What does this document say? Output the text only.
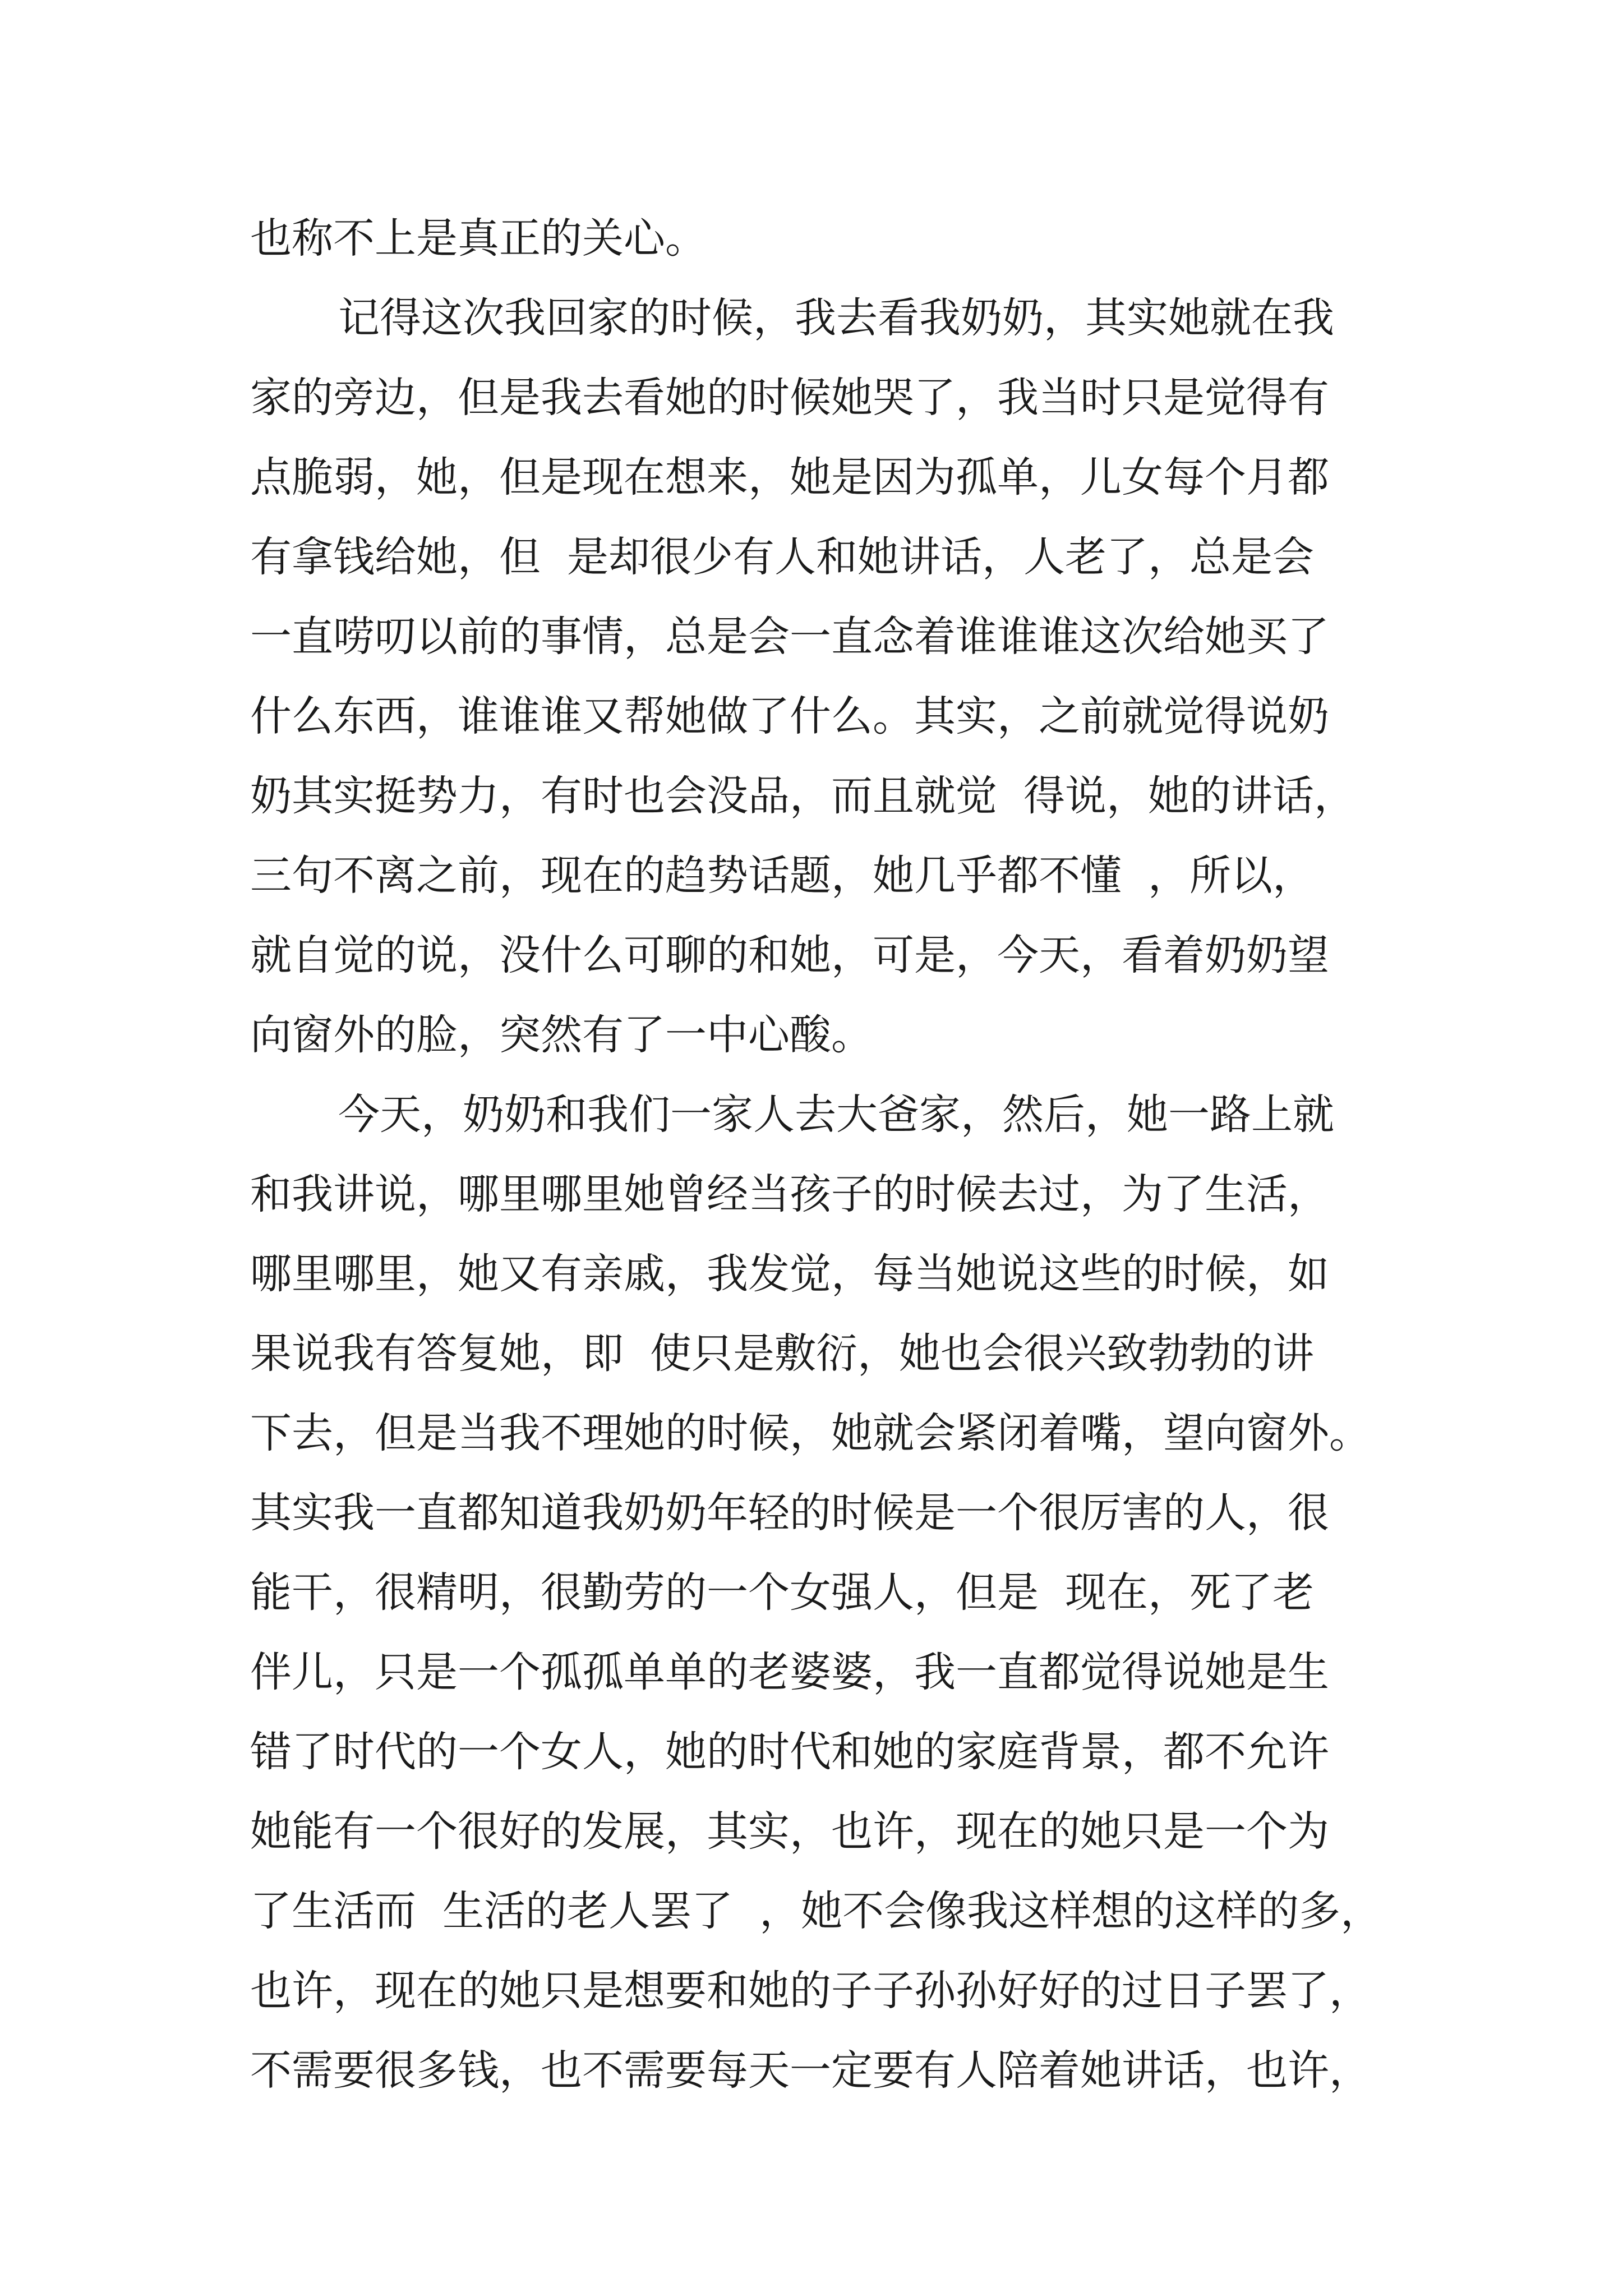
也称不上是真正的关心。

记得这次我回家的时候，我去看我奶奶，其实她就在我

家的旁边，但是我去看她的时候她哭了，我当时只是觉得有

点脆弱，她，但是现在想来，她是因为孤单，儿女每个月都

有拿钱给她，但  是却很少有人和她讲话，人老了，总是会

一直唠叨以前的事情，总是会一直念着谁谁谁这次给她买了

什么东西，谁谁谁又帮她做了什么。其实，之前就觉得说奶

奶其实挺势力，有时也会没品，而且就觉  得说，她的讲话，

三句不离之前，现在的趋势话题，她几乎都不懂  ，所以，

就自觉的说，没什么可聊的和她，可是，今天，看着奶奶望

向窗外的脸，突然有了一中心酸。

今天，奶奶和我们一家人去大爸家，然后，她一路上就

和我讲说，哪里哪里她曾经当孩子的时候去过，为了生活，

哪里哪里，她又有亲戚，我发觉，每当她说这些的时候，如

果说我有答复她，即  使只是敷衍，她也会很兴致勃勃的讲

下去，但是当我不理她的时候，她就会紧闭着嘴，望向窗外。

其实我一直都知道我奶奶年轻的时候是一个很厉害的人，很

能干，很精明，很勤劳的一个女强人，但是  现在，死了老

伴儿，只是一个孤孤单单的老婆婆，我一直都觉得说她是生

错了时代的一个女人，她的时代和她的家庭背景，都不允许

她能有一个很好的发展，其实，也许，现在的她只是一个为

了生活而  生活的老人罢了  ，她不会像我这样想的这样的多，

也许，现在的她只是想要和她的子子孙孙好好的过日子罢了，

不需要很多钱，也不需要每天一定要有人陪着她讲话，也许，
